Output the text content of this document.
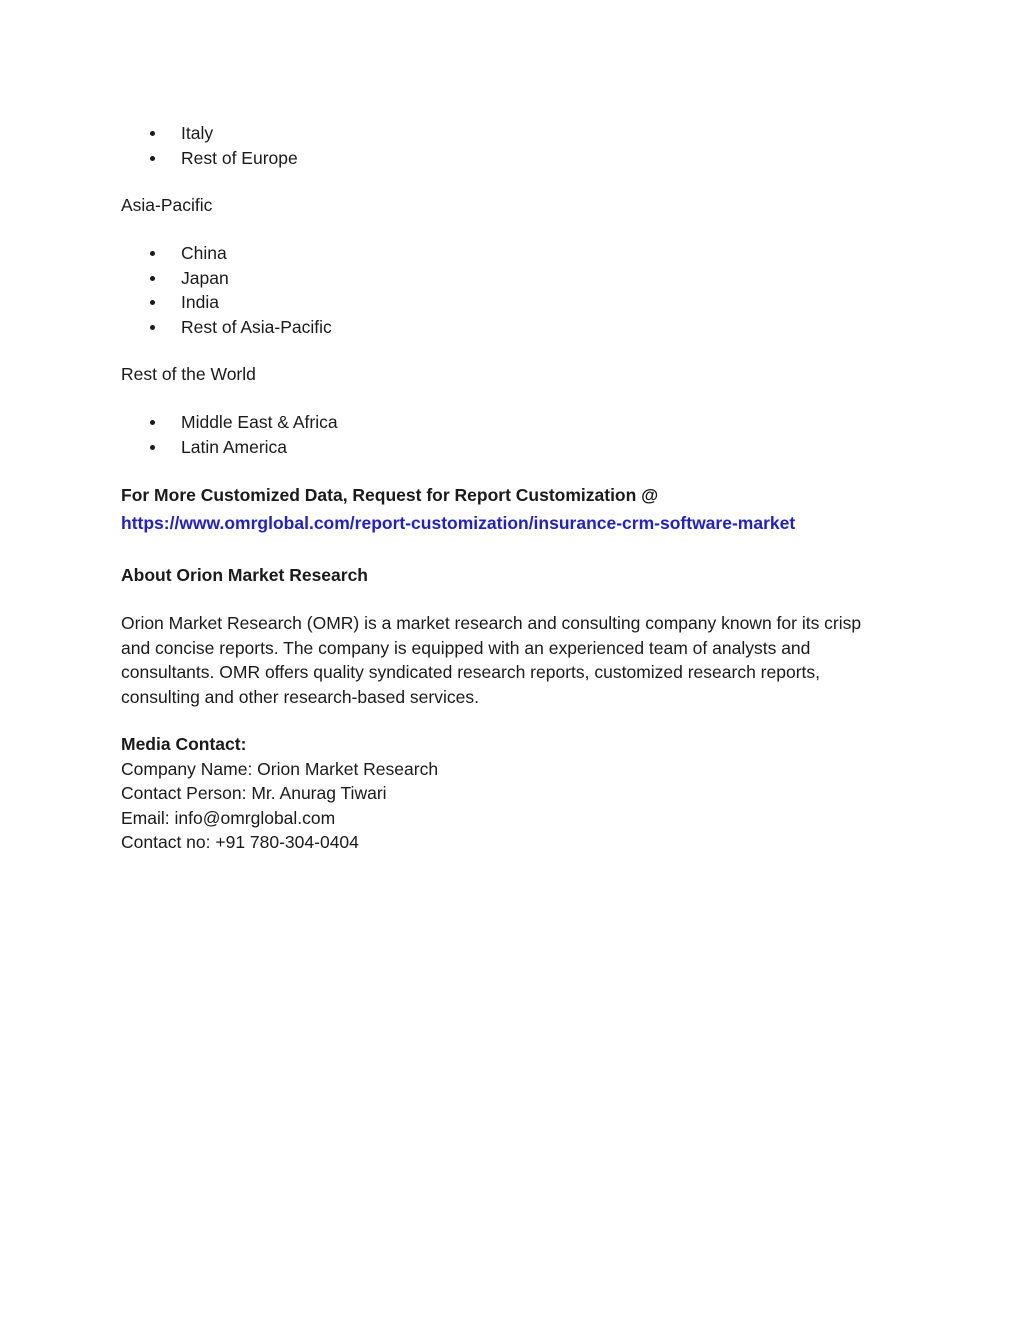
Italy
Rest of Europe
Asia-Pacific
China
Japan
India
Rest of Asia-Pacific
Rest of the World
Middle East & Africa
Latin America
For More Customized Data, Request for Report Customization @
https://www.omrglobal.com/report-customization/insurance-crm-software-market
About Orion Market Research
Orion Market Research (OMR) is a market research and consulting company known for its crisp
and concise reports. The company is equipped with an experienced team of analysts and
consultants. OMR offers quality syndicated research reports, customized research reports,
consulting and other research-based services.
Media Contact:
Company Name: Orion Market Research
Contact Person: Mr. Anurag Tiwari
Email: info@omrglobal.com
Contact no: +91 780-304-0404
